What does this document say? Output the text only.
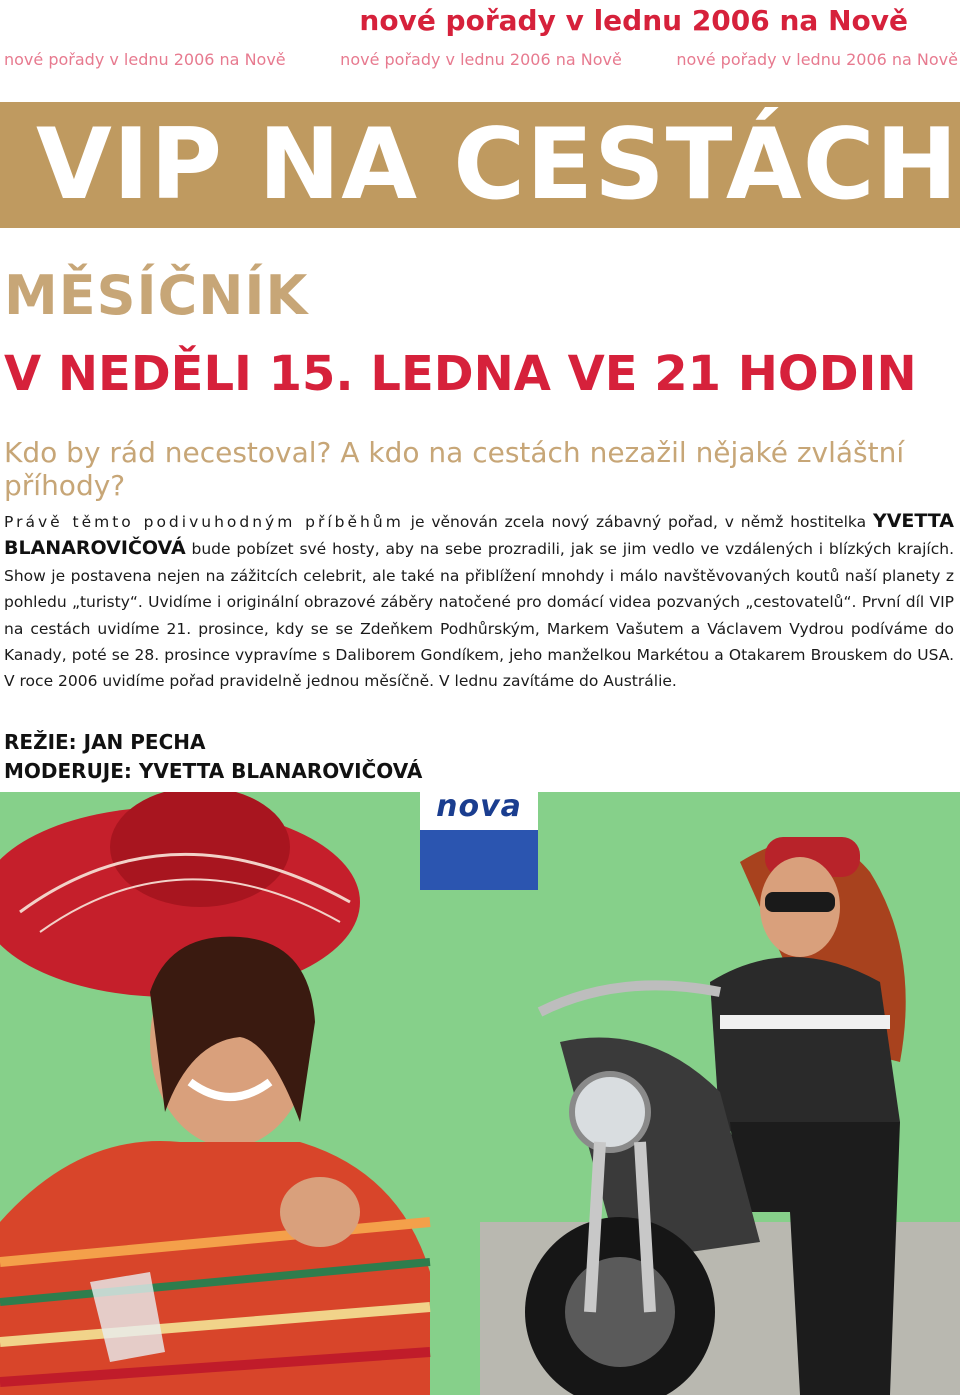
nové pořady v lednu 2006 na Nově
nové pořady v lednu 2006 na Nově	nové pořady v lednu 2006 na Nově	nové pořady v lednu 2006 na Nově
VIP NA CESTÁCH
MĚSÍČNÍK
V NEDĚLI 15. LEDNA VE 21 HODIN
Kdo by rád necestoval? A kdo na cestách nezažil nějaké zvláštní příhody?
Právě těmto podivuhodným příběhům je věnován zcela nový zábavný pořad, v němž hostitelka YVETTA BLANAROVIČOVÁ bude pobízet své hosty, aby na sebe prozradili, jak se jim vedlo ve vzdálených i blízkých krajích. Show je postavena nejen na zážitcích celebrit, ale také na přiblížení mnohdy i málo navštěvovaných koutů naší planety z pohledu „turisty“. Uvidíme i originální obrazové záběry natočené pro domácí videa pozvaných „cestovatelů“. První díl VIP na cestách uvidíme 21. prosince, kdy se se Zdeňkem Podhůrským, Markem Vašutem a Václavem Vydrou podíváme do Kanady, poté se 28. prosince vypravíme s Daliborem Gondíkem, jeho manželkou Markétou a Otakarem Brouskem do USA. V roce 2006 uvidíme pořad pravidelně jednou měsíčně. V lednu zavítáme do Austrálie.
REŽIE: JAN PECHA
MODERUJE: YVETTA BLANAROVIČOVÁ
nova
